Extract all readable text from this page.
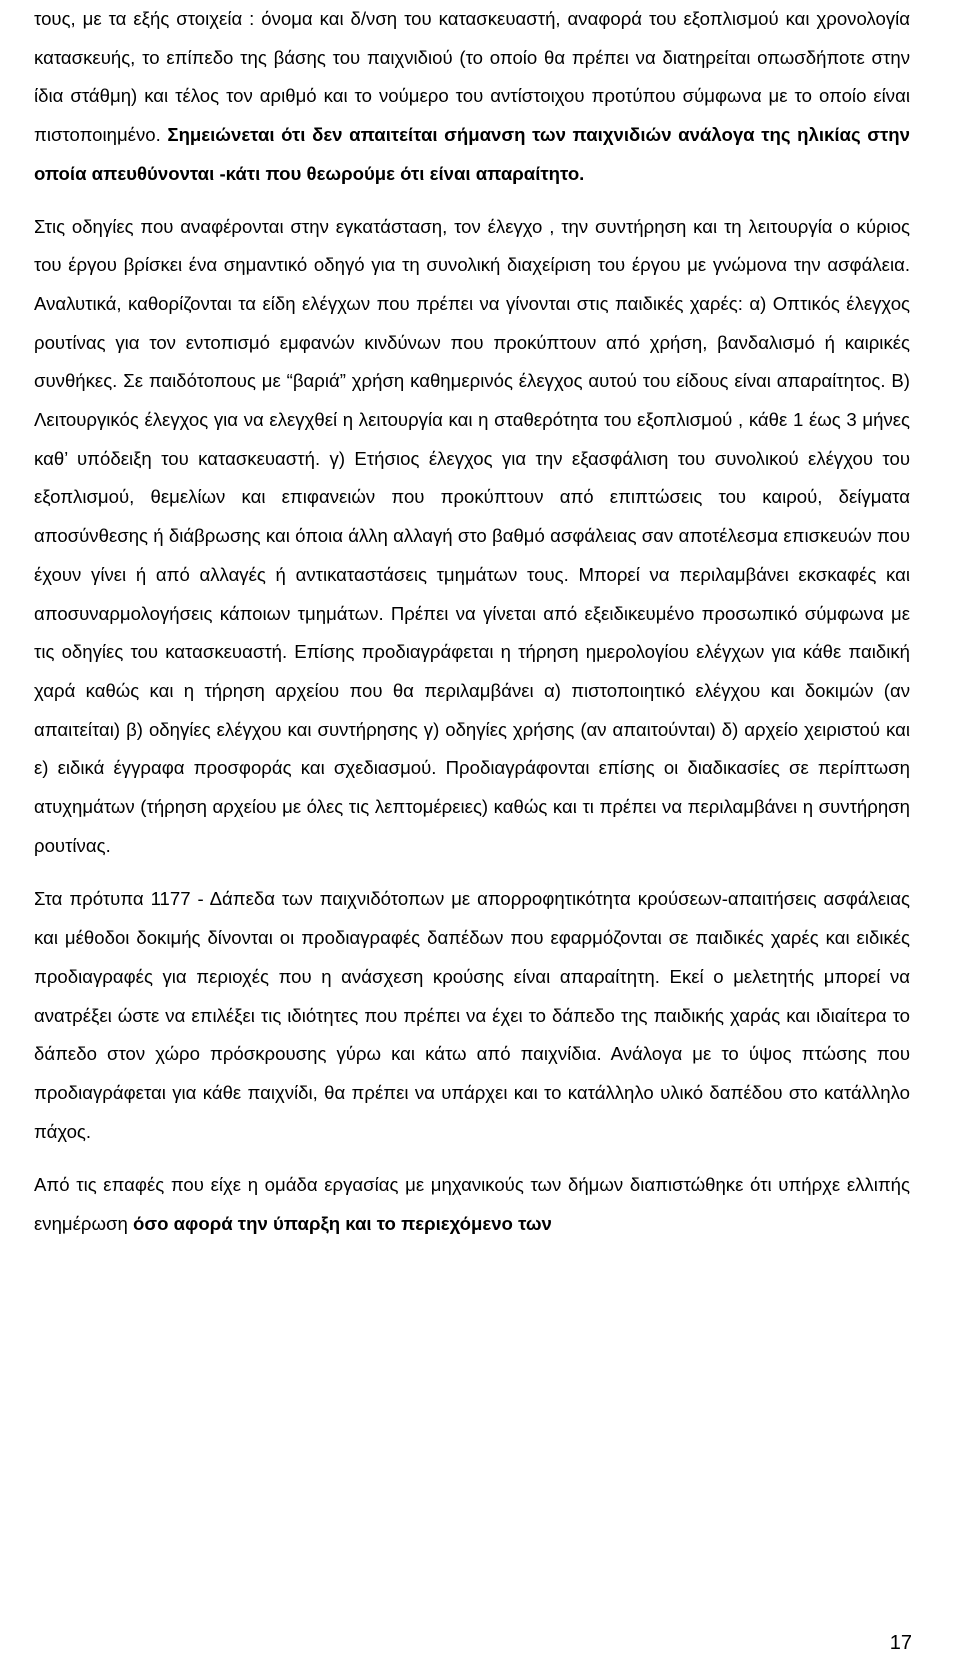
τους, με τα εξής στοιχεία : όνομα και δ/νση του κατασκευαστή, αναφορά του εξοπλισμού και χρονολογία κατασκευής, το επίπεδο της βάσης του παιχνιδιού (το οποίο θα πρέπει να διατηρείται οπωσδήποτε στην ίδια στάθμη) και τέλος τον αριθμό και το νούμερο του αντίστοιχου προτύπου σύμφωνα με το οποίο είναι πιστοποιημένο. Σημειώνεται ότι δεν απαιτείται σήμανση των παιχνιδιών ανάλογα της ηλικίας στην οποία απευθύνονται -κάτι που θεωρούμε ότι είναι απαραίτητο.

Στις οδηγίες που αναφέρονται στην εγκατάσταση, τον έλεγχο , την συντήρηση και τη λειτουργία ο κύριος του έργου βρίσκει ένα σημαντικό οδηγό για τη συνολική διαχείριση του έργου με γνώμονα την ασφάλεια. Αναλυτικά, καθορίζονται τα είδη ελέγχων που πρέπει να γίνονται στις παιδικές χαρές: α) Οπτικός έλεγχος ρουτίνας για τον εντοπισμό εμφανών κινδύνων που προκύπτουν από χρήση, βανδαλισμό ή καιρικές συνθήκες. Σε παιδότοπους με “βαριά” χρήση καθημερινός έλεγχος αυτού του είδους είναι απαραίτητος. Β) Λειτουργικός έλεγχος για να ελεγχθεί η λειτουργία και η σταθερότητα του εξοπλισμού , κάθε 1 έως 3 μήνες καθ’ υπόδειξη του κατασκευαστή. γ) Ετήσιος έλεγχος για την εξασφάλιση του συνολικού ελέγχου του εξοπλισμού, θεμελίων και επιφανειών που προκύπτουν από επιπτώσεις του καιρού, δείγματα αποσύνθεσης ή διάβρωσης και όποια άλλη αλλαγή στο βαθμό ασφάλειας σαν αποτέλεσμα επισκευών που έχουν γίνει ή από αλλαγές ή αντικαταστάσεις τμημάτων τους. Μπορεί να περιλαμβάνει εκσκαφές και αποσυναρμολογήσεις κάποιων τμημάτων. Πρέπει να γίνεται από εξειδικευμένο προσωπικό σύμφωνα με τις οδηγίες του κατασκευαστή. Επίσης προδιαγράφεται η τήρηση ημερολογίου ελέγχων για κάθε παιδική χαρά καθώς και η τήρηση αρχείου που θα περιλαμβάνει α) πιστοποιητικό ελέγχου και δοκιμών (αν απαιτείται) β) οδηγίες ελέγχου και συντήρησης γ) οδηγίες χρήσης (αν απαιτούνται) δ) αρχείο χειριστού και ε) ειδικά έγγραφα προσφοράς και σχεδιασμού. Προδιαγράφονται επίσης οι διαδικασίες σε περίπτωση ατυχημάτων (τήρηση αρχείου με όλες τις λεπτομέρειες) καθώς και τι πρέπει να περιλαμβάνει η συντήρηση ρουτίνας.

Στα πρότυπα 1177 - Δάπεδα των παιχνιδότοπων με απορροφητικότητα κρούσεων-απαιτήσεις ασφάλειας και μέθοδοι δοκιμής δίνονται οι προδιαγραφές δαπέδων που εφαρμόζονται σε παιδικές χαρές και ειδικές προδιαγραφές για περιοχές που η ανάσχεση κρούσης είναι απαραίτητη. Εκεί ο μελετητής μπορεί να ανατρέξει ώστε να επιλέξει τις ιδιότητες που πρέπει να έχει το δάπεδο της παιδικής χαράς και ιδιαίτερα το δάπεδο στον χώρο πρόσκρουσης γύρω και κάτω από παιχνίδια. Ανάλογα με το ύψος πτώσης που προδιαγράφεται για κάθε παιχνίδι, θα πρέπει να υπάρχει και το κατάλληλο υλικό δαπέδου στο κατάλληλο πάχος.

Από τις επαφές που είχε η ομάδα εργασίας με μηχανικούς των δήμων διαπιστώθηκε ότι υπήρχε ελλιπής ενημέρωση όσο αφορά την ύπαρξη και το περιεχόμενο των

17
